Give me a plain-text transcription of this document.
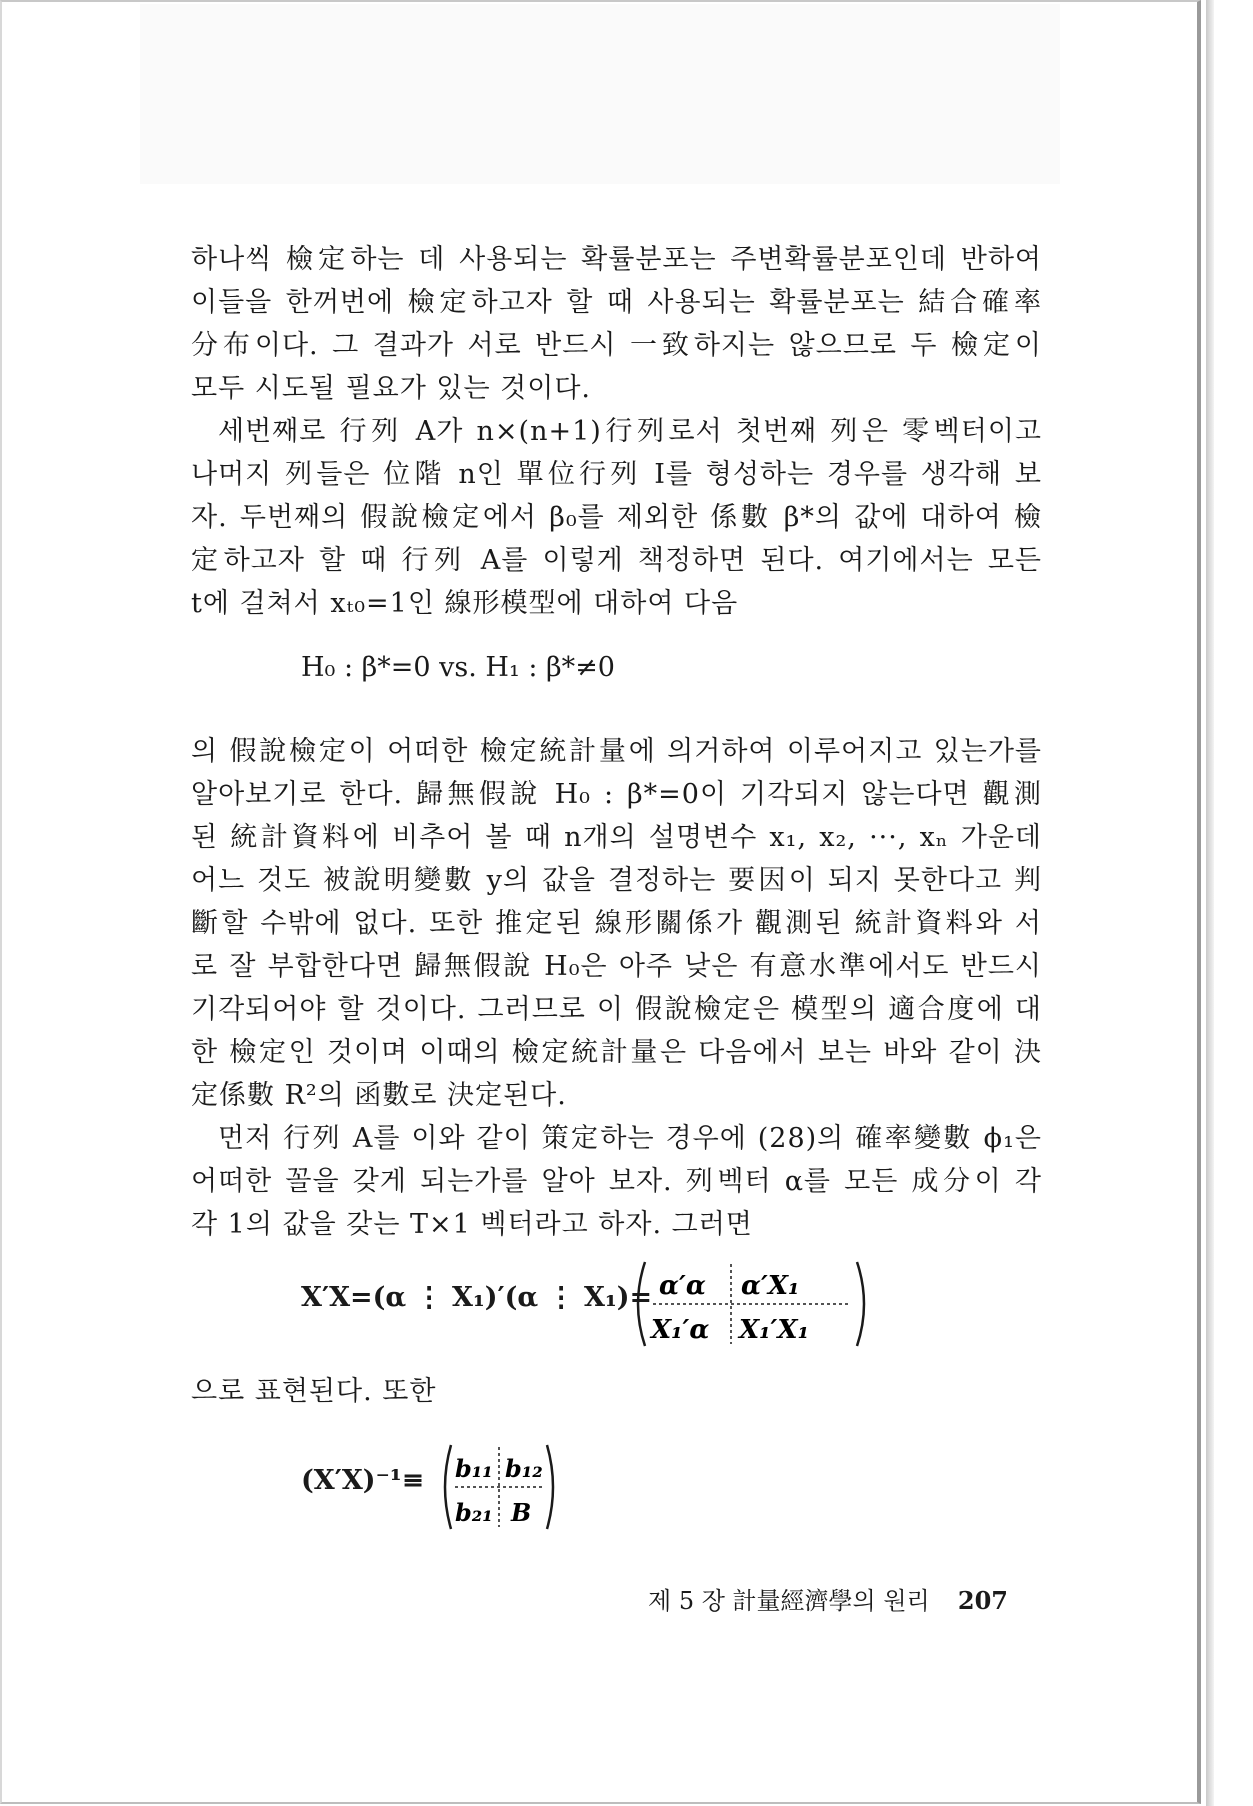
하나씩 檢定하는 데 사용되는 확률분포는 주변확률분포인데 반하여
이들을 한꺼번에 檢定하고자 할 때 사용되는 확률분포는 結合確率
分布이다. 그 결과가 서로 반드시 一致하지는 않으므로 두 檢定이
모두 시도될 필요가 있는 것이다.
세번째로 行列 A가 n×(n+1)行列로서 첫번째 列은 零벡터이고
나머지 列들은 位階 n인 單位行列 I를 형성하는 경우를 생각해 보
자. 두번째의 假說檢定에서 β₀를 제외한 係數 β*의 값에 대하여 檢
定하고자 할 때 行列 A를 이렇게 책정하면 된다. 여기에서는 모든
t에 걸쳐서 xₜ₀=1인 線形模型에 대하여 다음
H₀ : β*=0 vs. H₁ : β*≠0
의 假說檢定이 어떠한 檢定統計量에 의거하여 이루어지고 있는가를
알아보기로 한다. 歸無假說 H₀ : β*=0이 기각되지 않는다면 觀測
된 統計資料에 비추어 볼 때 n개의 설명변수 x₁, x₂, ···, xₙ 가운데
어느 것도 被說明變數 y의 값을 결정하는 要因이 되지 못한다고 判
斷할 수밖에 없다. 또한 推定된 線形關係가 觀測된 統計資料와 서
로 잘 부합한다면 歸無假說 H₀은 아주 낮은 有意水準에서도 반드시
기각되어야 할 것이다. 그러므로 이 假說檢定은 模型의 適合度에 대
한 檢定인 것이며 이때의 檢定統計量은 다음에서 보는 바와 같이 決
定係數 R²의 函數로 決定된다.
먼저 行列 A를 이와 같이 策定하는 경우에 (28)의 確率變數 ϕ₁은
어떠한 꼴을 갖게 되는가를 알아 보자. 列벡터 α를 모든 成分이 각
각 1의 값을 갖는 T×1 벡터라고 하자. 그러면
X′X=(α ⋮ X₁)′(α ⋮ X₁)= α′α α′X₁
X₁′α X₁′X₁
으로 표현된다. 또한
(X′X)⁻¹≡ b₁₁ b₁₂
b₂₁ B
제 5 장 計量經濟學의 원리 207
